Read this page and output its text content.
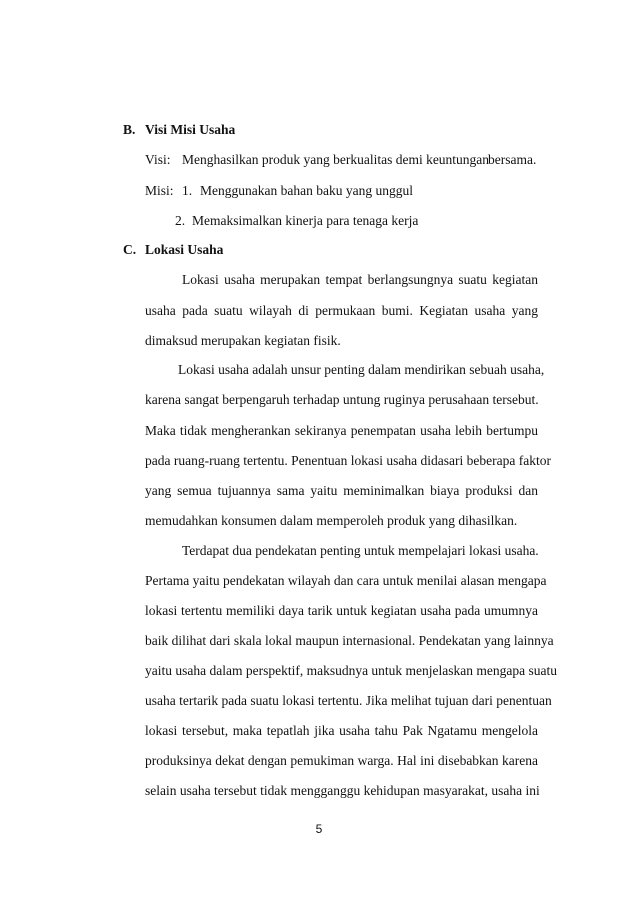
B. Visi Misi Usaha
Visi: Menghasilkan produk yang berkualitas demi keuntungan
bersama.
Misi: 1. Menggunakan bahan baku yang unggul
2. Memaksimalkan kinerja para tenaga kerja
C. Lokasi Usaha
Lokasi usaha merupakan tempat berlangsungnya suatu kegiatan
usaha pada suatu wilayah di permukaan bumi. Kegiatan usaha yang
dimaksud merupakan kegiatan fisik.
Lokasi usaha adalah unsur penting dalam mendirikan sebuah usaha,
karena sangat berpengaruh terhadap untung ruginya perusahaan tersebut.
Maka tidak mengherankan sekiranya penempatan usaha lebih bertumpu
pada ruang-ruang tertentu. Penentuan lokasi usaha didasari beberapa faktor
yang semua tujuannya sama yaitu meminimalkan biaya produksi dan
memudahkan konsumen dalam memperoleh produk yang dihasilkan.
Terdapat dua pendekatan penting untuk mempelajari lokasi usaha.
Pertama yaitu pendekatan wilayah dan cara untuk menilai alasan mengapa
lokasi tertentu memiliki daya tarik untuk kegiatan usaha pada umumnya
baik dilihat dari skala lokal maupun internasional. Pendekatan yang lainnya
yaitu usaha dalam perspektif, maksudnya untuk menjelaskan mengapa suatu
usaha tertarik pada suatu lokasi tertentu. Jika melihat tujuan dari penentuan
lokasi tersebut, maka tepatlah jika usaha tahu Pak Ngatamu mengelola
produksinya dekat dengan pemukiman warga. Hal ini disebabkan karena
selain usaha tersebut tidak mengganggu kehidupan masyarakat, usaha ini
5
